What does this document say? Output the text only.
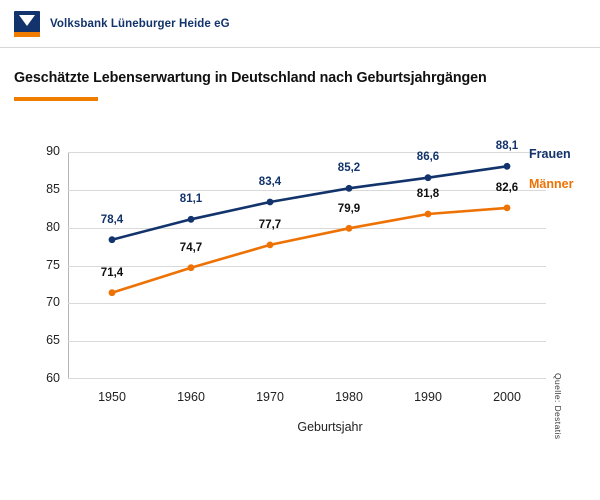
Volksbank Lüneburger Heide eG
Geschätzte Lebenserwartung in Deutschland nach Geburtsjahrgängen
90
85
80
75
70
65
60
1950	1960	1970	1980	1990	2000
Geburtsjahr
78,4
81,1
83,4
85,2
86,6
88,1
71,4
74,7
77,7
79,9
81,8	82,6
Frauen
Männer
Quelle: Destatis
